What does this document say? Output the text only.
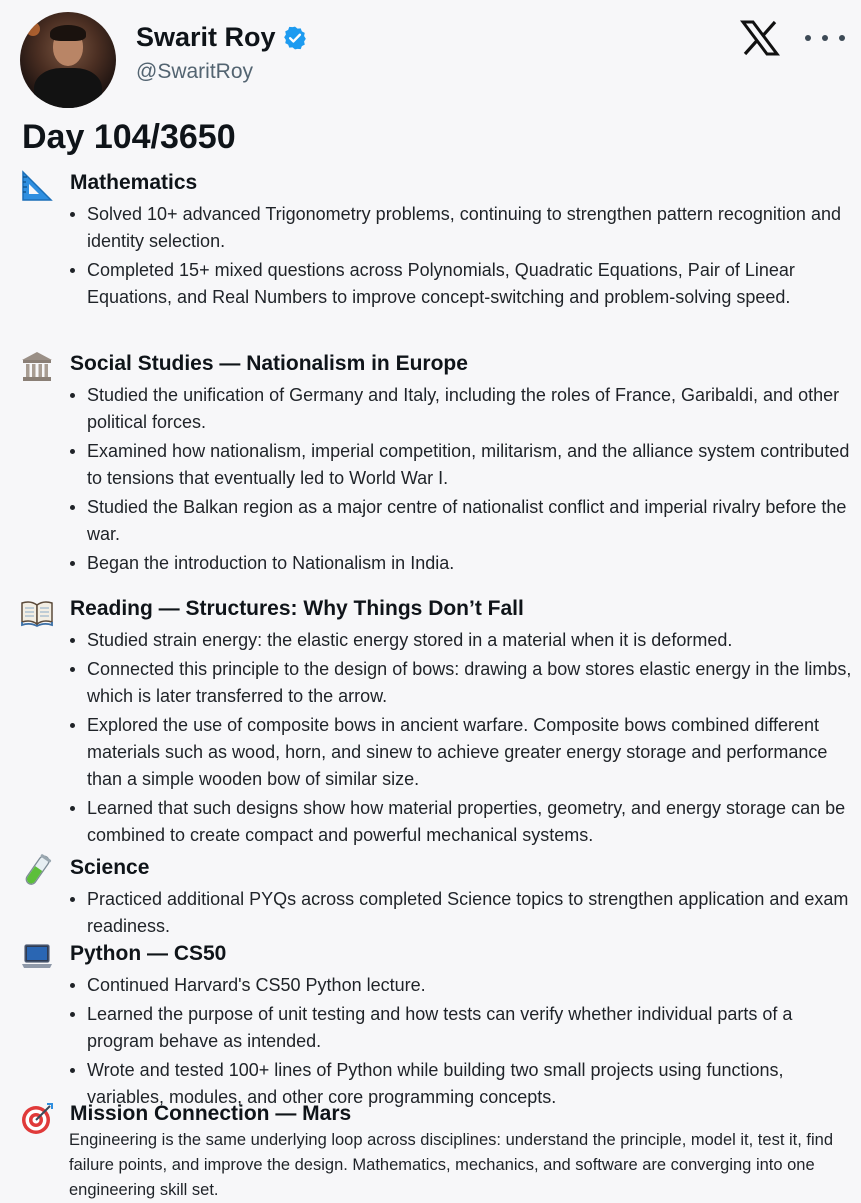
Swarit Roy
@SwaritRoy
Day 104/3650
Mathematics
Solved 10+ advanced Trigonometry problems, continuing to strengthen pattern recognition and identity selection.
Completed 15+ mixed questions across Polynomials, Quadratic Equations, Pair of Linear Equations, and Real Numbers to improve concept-switching and problem-solving speed.
Social Studies — Nationalism in Europe
Studied the unification of Germany and Italy, including the roles of France, Garibaldi, and other political forces.
Examined how nationalism, imperial competition, militarism, and the alliance system contributed to tensions that eventually led to World War I.
Studied the Balkan region as a major centre of nationalist conflict and imperial rivalry before the war.
Began the introduction to Nationalism in India.
Reading — Structures: Why Things Don’t Fall
Studied strain energy: the elastic energy stored in a material when it is deformed.
Connected this principle to the design of bows: drawing a bow stores elastic energy in the limbs, which is later transferred to the arrow.
Explored the use of composite bows in ancient warfare. Composite bows combined different materials such as wood, horn, and sinew to achieve greater energy storage and performance than a simple wooden bow of similar size.
Learned that such designs show how material properties, geometry, and energy storage can be combined to create compact and powerful mechanical systems.
Science
Practiced additional PYQs across completed Science topics to strengthen application and exam readiness.
Python — CS50
Continued Harvard's CS50 Python lecture.
Learned the purpose of unit testing and how tests can verify whether individual parts of a program behave as intended.
Wrote and tested 100+ lines of Python while building two small projects using functions, variables, modules, and other core programming concepts.
Mission Connection — Mars
Engineering is the same underlying loop across disciplines: understand the principle, model it, test it, find failure points, and improve the design. Mathematics, mechanics, and software are converging into one engineering skill set.
